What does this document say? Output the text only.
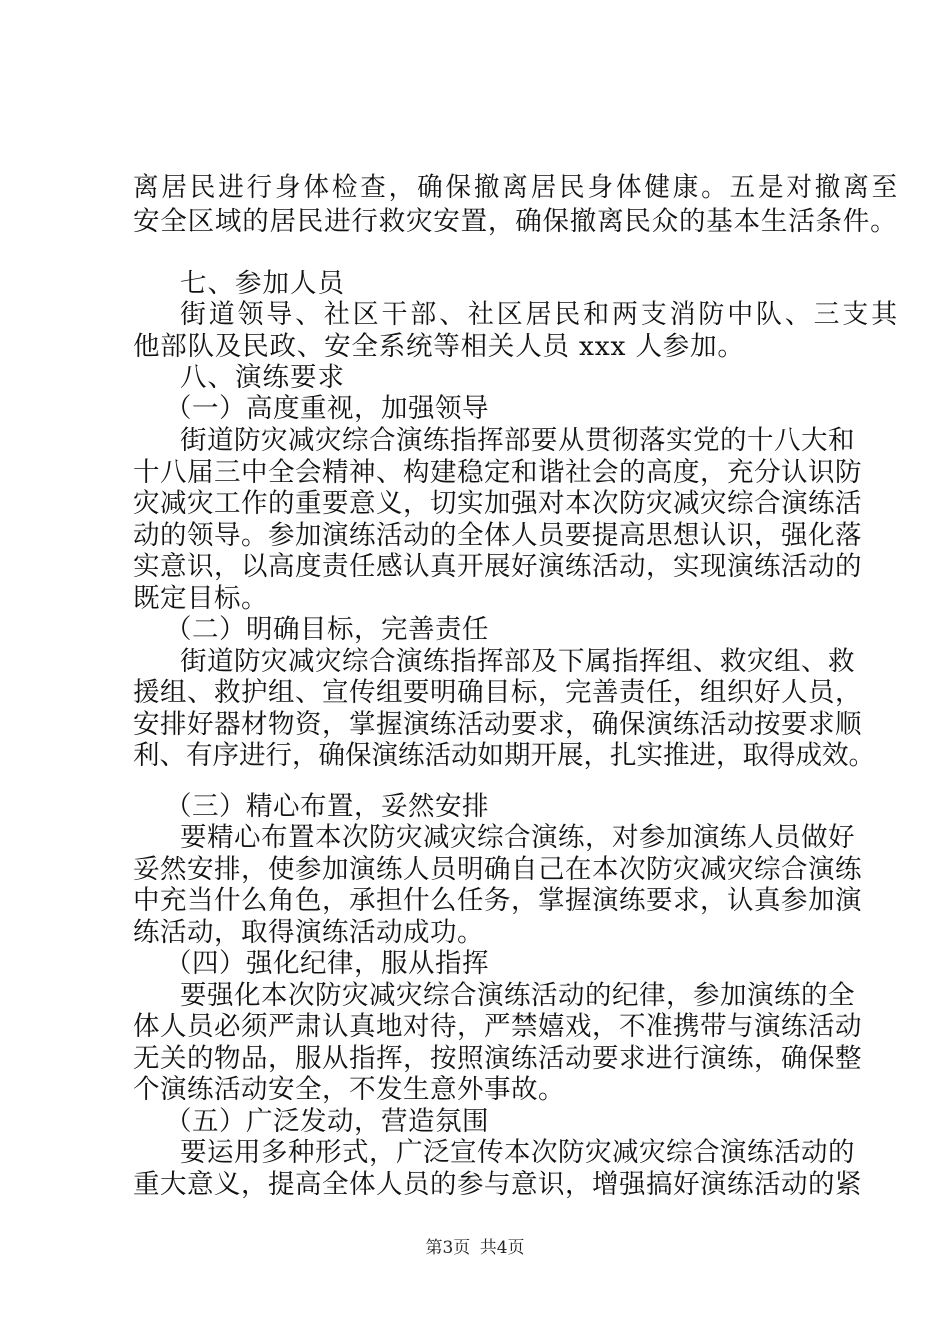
离居民进行身体检查，确保撤离居民身体健康。五是对撤离至
安全区域的居民进行救灾安置，确保撤离民众的基本生活条件。
七、参加人员
街道领导、社区干部、社区居民和两支消防中队、三支其
他部队及民政、安全系统等相关人员 xxx 人参加。
八、演练要求
（一）高度重视，加强领导
街道防灾减灾综合演练指挥部要从贯彻落实党的十八大和
十八届三中全会精神、构建稳定和谐社会的高度，充分认识防
灾减灾工作的重要意义，切实加强对本次防灾减灾综合演练活
动的领导。参加演练活动的全体人员要提高思想认识，强化落
实意识，以高度责任感认真开展好演练活动，实现演练活动的
既定目标。
（二）明确目标，完善责任
街道防灾减灾综合演练指挥部及下属指挥组、救灾组、救
援组、救护组、宣传组要明确目标，完善责任，组织好人员，
安排好器材物资，掌握演练活动要求，确保演练活动按要求顺
利、有序进行，确保演练活动如期开展，扎实推进，取得成效。
（三）精心布置，妥然安排
要精心布置本次防灾减灾综合演练，对参加演练人员做好
妥然安排，使参加演练人员明确自己在本次防灾减灾综合演练
中充当什么角色，承担什么任务，掌握演练要求，认真参加演
练活动，取得演练活动成功。
（四）强化纪律，服从指挥
要强化本次防灾减灾综合演练活动的纪律，参加演练的全
体人员必须严肃认真地对待，严禁嬉戏，不准携带与演练活动
无关的物品，服从指挥，按照演练活动要求进行演练，确保整
个演练活动安全，不发生意外事故。
（五）广泛发动，营造氛围
要运用多种形式，广泛宣传本次防灾减灾综合演练活动的
重大意义，提高全体人员的参与意识，增强搞好演练活动的紧
第3页 共4页
